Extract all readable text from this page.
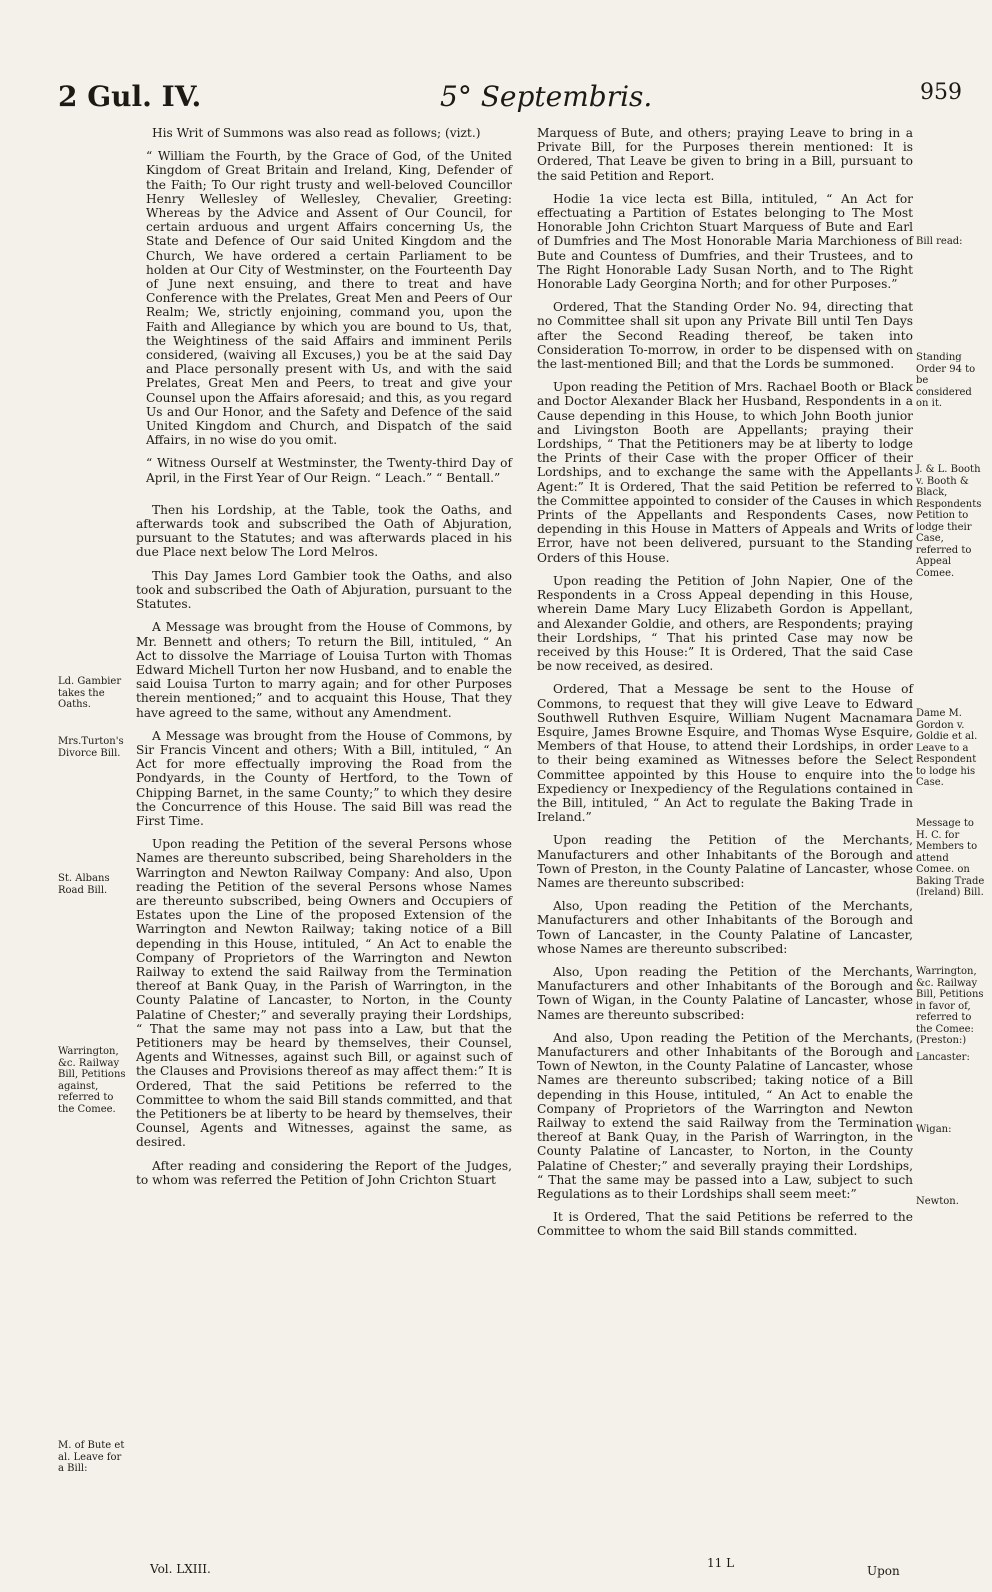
2 Gul. IV.	5° Septembris.	959
Ld. Gambier takes the Oaths.
Mrs.Turton's Divorce Bill.
St. Albans Road Bill.
Warrington, &c. Railway Bill, Petitions against, referred to the Comee.
M. of Bute et al. Leave for a Bill:

His Writ of Summons was also read as follows; (vizt.)

“ William the Fourth, by the Grace of God, of the United Kingdom of Great Britain and Ireland, King, Defender of the Faith; To Our right trusty and well-beloved Councillor Henry Wellesley of Wellesley, Chevalier, Greeting: Whereas by the Advice and Assent of Our Council, for certain arduous and urgent Affairs concerning Us, the State and Defence of Our said United Kingdom and the Church, We have ordered a certain Parliament to be holden at Our City of Westminster, on the Fourteenth Day of June next ensuing, and there to treat and have Conference with the Prelates, Great Men and Peers of Our Realm; We, strictly enjoining, command you, upon the Faith and Allegiance by which you are bound to Us, that, the Weightiness of the said Affairs and imminent Perils considered, (waiving all Excuses,) you be at the said Day and Place personally present with Us, and with the said Prelates, Great Men and Peers, to treat and give your Counsel upon the Affairs aforesaid; and this, as you regard Us and Our Honor, and the Safety and Defence of the said United Kingdom and Church, and Dispatch of the said Affairs, in no wise do you omit.

“ Witness Ourself at Westminster, the Twenty-third Day of April, in the First Year of Our Reign. “ Leach.” “ Bentall.”

Then his Lordship, at the Table, took the Oaths, and afterwards took and subscribed the Oath of Abjuration, pursuant to the Statutes; and was afterwards placed in his due Place next below The Lord Melros.

This Day James Lord Gambier took the Oaths, and also took and subscribed the Oath of Abjuration, pursuant to the Statutes.

A Message was brought from the House of Commons, by Mr. Bennett and others; To return the Bill, intituled, “ An Act to dissolve the Marriage of Louisa Turton with Thomas Edward Michell Turton her now Husband, and to enable the said Louisa Turton to marry again; and for other Purposes therein mentioned;” and to acquaint this House, That they have agreed to the same, without any Amendment.

A Message was brought from the House of Commons, by Sir Francis Vincent and others; With a Bill, intituled, “ An Act for more effectually improving the Road from the Pondyards, in the County of Hertford, to the Town of Chipping Barnet, in the same County;” to which they desire the Concurrence of this House. The said Bill was read the First Time.

Upon reading the Petition of the several Persons whose Names are thereunto subscribed, being Shareholders in the Warrington and Newton Railway Company: And also, Upon reading the Petition of the several Persons whose Names are thereunto subscribed, being Owners and Occupiers of Estates upon the Line of the proposed Extension of the Warrington and Newton Railway; taking notice of a Bill depending in this House, intituled, “ An Act to enable the Company of Proprietors of the Warrington and Newton Railway to extend the said Railway from the Termination thereof at Bank Quay, in the Parish of Warrington, in the County Palatine of Lancaster, to Norton, in the County Palatine of Chester;” and severally praying their Lordships, “ That the same may not pass into a Law, but that the Petitioners may be heard by themselves, their Counsel, Agents and Witnesses, against such Bill, or against such of the Clauses and Provisions thereof as may affect them:” It is Ordered, That the said Petitions be referred to the Committee to whom the said Bill stands committed, and that the Petitioners be at liberty to be heard by themselves, their Counsel, Agents and Witnesses, against the same, as desired.

After reading and considering the Report of the Judges, to whom was referred the Petition of John Crichton Stuart

Marquess of Bute, and others; praying Leave to bring in a Private Bill, for the Purposes therein mentioned: It is Ordered, That Leave be given to bring in a Bill, pursuant to the said Petition and Report.

Hodie 1a vice lecta est Billa, intituled, “ An Act for effectuating a Partition of Estates belonging to The Most Honorable John Crichton Stuart Marquess of Bute and Earl of Dumfries and The Most Honorable Maria Marchioness of Bute and Countess of Dumfries, and their Trustees, and to The Right Honorable Lady Susan North, and to The Right Honorable Lady Georgina North; and for other Purposes.”

Ordered, That the Standing Order No. 94, directing that no Committee shall sit upon any Private Bill until Ten Days after the Second Reading thereof, be taken into Consideration To-morrow, in order to be dispensed with on the last-mentioned Bill; and that the Lords be summoned.

Upon reading the Petition of Mrs. Rachael Booth or Black and Doctor Alexander Black her Husband, Respondents in a Cause depending in this House, to which John Booth junior and Livingston Booth are Appellants; praying their Lordships, “ That the Petitioners may be at liberty to lodge the Prints of their Case with the proper Officer of their Lordships, and to exchange the same with the Appellants Agent:” It is Ordered, That the said Petition be referred to the Committee appointed to consider of the Causes in which Prints of the Appellants and Respondents Cases, now depending in this House in Matters of Appeals and Writs of Error, have not been delivered, pursuant to the Standing Orders of this House.

Upon reading the Petition of John Napier, One of the Respondents in a Cross Appeal depending in this House, wherein Dame Mary Lucy Elizabeth Gordon is Appellant, and Alexander Goldie, and others, are Respondents; praying their Lordships, “ That his printed Case may now be received by this House:” It is Ordered, That the said Case be now received, as desired.

Ordered, That a Message be sent to the House of Commons, to request that they will give Leave to Edward Southwell Ruthven Esquire, William Nugent Macnamara Esquire, James Browne Esquire, and Thomas Wyse Esquire, Members of that House, to attend their Lordships, in order to their being examined as Witnesses before the Select Committee appointed by this House to enquire into the Expediency or Inexpediency of the Regulations contained in the Bill, intituled, “ An Act to regulate the Baking Trade in Ireland.”

Upon reading the Petition of the Merchants, Manufacturers and other Inhabitants of the Borough and Town of Preston, in the County Palatine of Lancaster, whose Names are thereunto subscribed:

Also, Upon reading the Petition of the Merchants, Manufacturers and other Inhabitants of the Borough and Town of Lancaster, in the County Palatine of Lancaster, whose Names are thereunto subscribed:

Also, Upon reading the Petition of the Merchants, Manufacturers and other Inhabitants of the Borough and Town of Wigan, in the County Palatine of Lancaster, whose Names are thereunto subscribed:

And also, Upon reading the Petition of the Merchants, Manufacturers and other Inhabitants of the Borough and Town of Newton, in the County Palatine of Lancaster, whose Names are thereunto subscribed; taking notice of a Bill depending in this House, intituled, “ An Act to enable the Company of Proprietors of the Warrington and Newton Railway to extend the said Railway from the Termination thereof at Bank Quay, in the Parish of Warrington, in the County Palatine of Lancaster, to Norton, in the County Palatine of Chester;” and severally praying their Lordships, “ That the same may be passed into a Law, subject to such Regulations as to their Lordships shall seem meet:”

It is Ordered, That the said Petitions be referred to the Committee to whom the said Bill stands committed.

Bill read:
Standing Order 94 to be considered on it.
J. & L. Booth v. Booth & Black, Respondents Petition to lodge their Case, referred to Appeal Comee.
Dame M. Gordon v. Goldie et al. Leave to a Respondent to lodge his Case.
Message to H. C. for Members to attend Comee. on Baking Trade (Ireland) Bill.
Warrington, &c. Railway Bill, Petitions in favor of, referred to the Comee: (Preston:)
Lancaster:
Wigan:
Newton.
Vol. LXIII.	11 L
Upon
